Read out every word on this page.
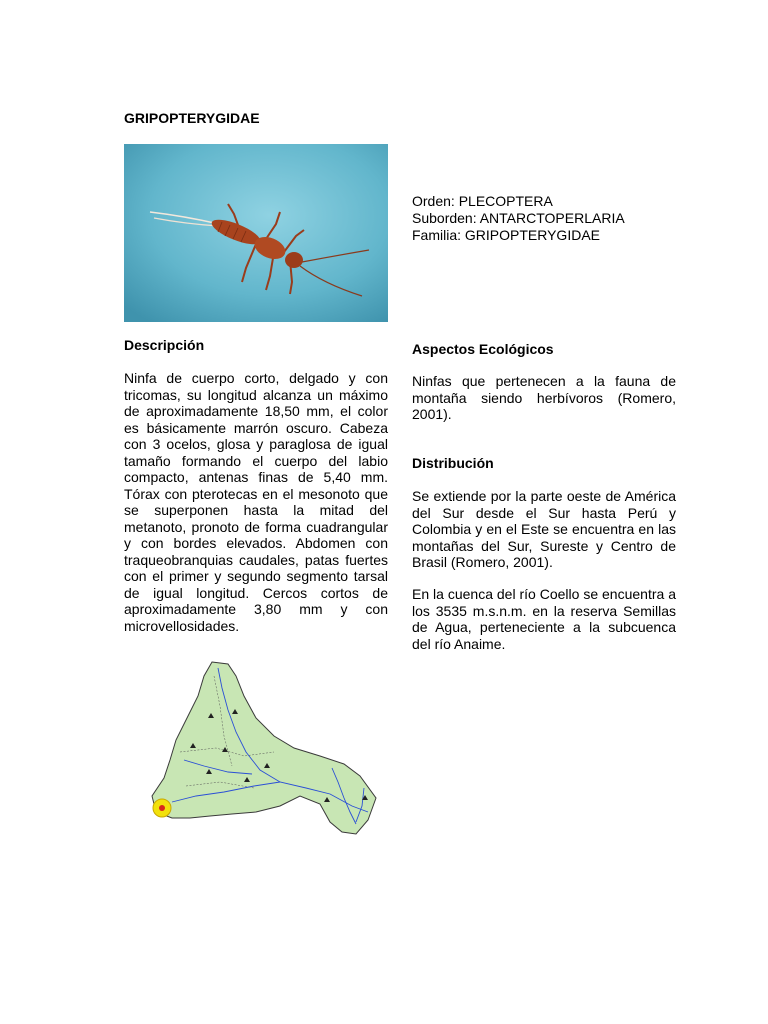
GRIPOPTERYGIDAE
Orden: PLECOPTERA
Suborden: ANTARCTOPERLARIA
Familia: GRIPOPTERYGIDAE
Descripción
Ninfa de cuerpo corto, delgado y con tricomas, su longitud alcanza un máximo de aproximadamente 18,50 mm, el color es básicamente marrón oscuro. Cabeza con 3 ocelos, glosa y paraglosa de igual tamaño formando el cuerpo del labio compacto, antenas finas de 5,40 mm. Tórax con pterotecas en el mesonoto que se superponen hasta la mitad del metanoto, pronoto de forma cuadrangular y con bordes elevados. Abdomen con traqueobranquias caudales, patas fuertes con el primer y segundo segmento tarsal de igual longitud. Cercos cortos de aproximadamente 3,80 mm y con microvellosidades.
Aspectos Ecológicos
Ninfas que pertenecen a la fauna de montaña siendo herbívoros (Romero, 2001).
Distribución
Se extiende por la parte oeste de América del Sur desde el Sur hasta Perú y Colombia y en el Este se encuentra en las montañas del Sur, Sureste y Centro de Brasil (Romero, 2001).
En la cuenca del río Coello se encuentra a los 3535 m.s.n.m. en la reserva Semillas de Agua, perteneciente a la subcuenca del río Anaime.
